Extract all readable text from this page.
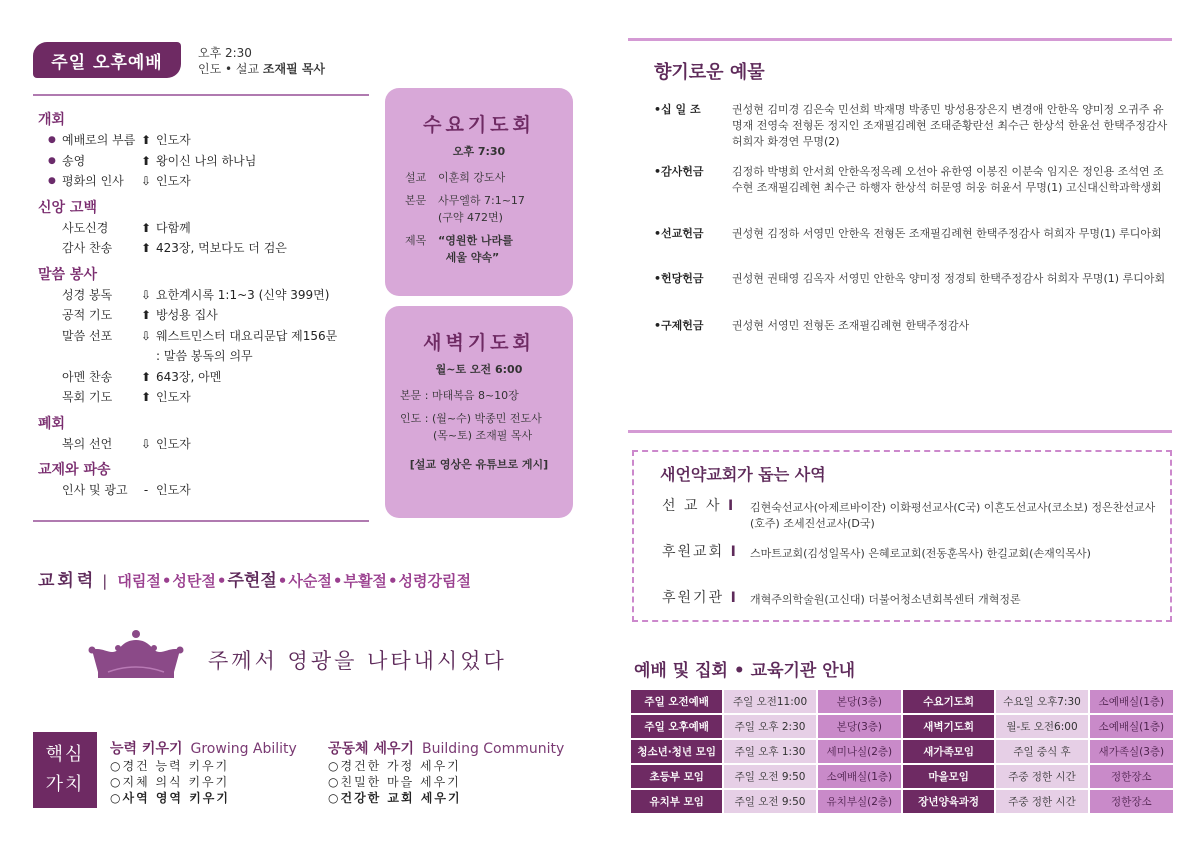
주일 오후예배	오후 2:30
인도 • 설교 조재필 목사
개회
● 예배로의 부름 ⬆ 인도자
● 송영	⬆ 왕이신 나의 하나님
● 평화의 인사	⇩ 인도자
신앙 고백
사도신경	⬆ 다함께
감사 찬송	⬆ 423장, 먹보다도 더 검은
말씀 봉사
성경 봉독	⇩ 요한계시록 1:1~3 (신약 399면)
공적 기도	⬆ 방성용 집사
말씀 선포	⇩ 웨스트민스터 대요리문답 제156문
: 말씀 봉독의 의무
아멘 찬송	⬆ 643장, 아멘
목회 기도	⬆ 인도자
폐회
복의 선언	⇩ 인도자
교제와 파송
인사 및 광고	- 인도자
수요기도회
오후 7:30
설교
	이훈희 강도사
본문
	사무엘하 7:1~17
(구약 472면)
제목
	“영원한 나라를
세울 약속”
새벽기도회
월~토 오전 6:00
본문 : 마태복음 8~10장
인도 : (월~수) 박종민 전도사
(목~토) 조재필 목사
[설교 영상은 유튜브로 게시]
교회력 | 대림절 • 성탄절 • 주현절 • 사순절 • 부활절 • 성령강림절
주께서 영광을 나타내시었다
핵심
가치
능력 키우기 Growing Ability
○경건 능력 키우기
○지체 의식 키우기
○사역 영역 키우기
공동체 세우기 Building Community
○경건한 가정 세우기
○친밀한 마을 세우기
○건강한 교회 세우기
향기로운 예물
•십 일 조	권성현 김미경 김은숙 민선희 박재명 박종민 방성용장은지 변경애 안한옥 양미정 오귀주 유명재 전영숙 전형돈 정지인 조재필김례현 조태준황란선 최수근 한상석 한윤선 한택주정감사 허희자 화경연 무명(2)
•감사헌금	김정하 박병희 안서희 안한옥정옥례 오선아 유한영 이봉진 이분숙 임지은 정인용 조석연 조수현 조재필김례현 최수근 하행자 한상석 허문영 허웅 허윤서 무명(1) 고신대신학과학생회
•선교헌금	권성현 김정하 서영민 안한옥 전형돈 조재필김례현 한택주정감사 허희자 무명(1) 루디아회
•헌당헌금	권성현 권태영 김옥자 서영민 안한옥 양미정 정경퇴 한택주정감사 허희자 무명(1) 루디아회
•구제헌금	권성현 서영민 전형돈 조재필김례현 한택주정감사
새언약교회가 돕는 사역
선 교 사 I	김현숙선교사(아제르바이잔) 이화평선교사(C국) 이흔도선교사(코소보) 정은찬선교사(호주) 조세진선교사(D국)
후원교회 I	스마트교회(김성일목사) 은혜로교회(전동훈목사) 한길교회(손재익목사)
후원기관 I	개혁주의학술원(고신대) 더불어청소년회복센터 개혁정론
예배 및 집회 • 교육기관 안내
주일 오전예배	주일 오전11:00	본당(3층)	수요기도회	수요일 오후7:30	소예배실(1층)
주일 오후예배	주일 오후 2:30	본당(3층)	새벽기도회	월-토 오전6:00	소예배실(1층)
청소년·청년 모임	주일 오후 1:30	세미나실(2층)	새가족모임	주일 중식 후	새가족실(3층)
초등부 모임	주일 오전 9:50	소예배실(1층)	마을모임	주중 정한 시간	정한장소
유치부 모임	주일 오전 9:50	유치부실(2층)	장년양육과정	주중 정한 시간	정한장소
